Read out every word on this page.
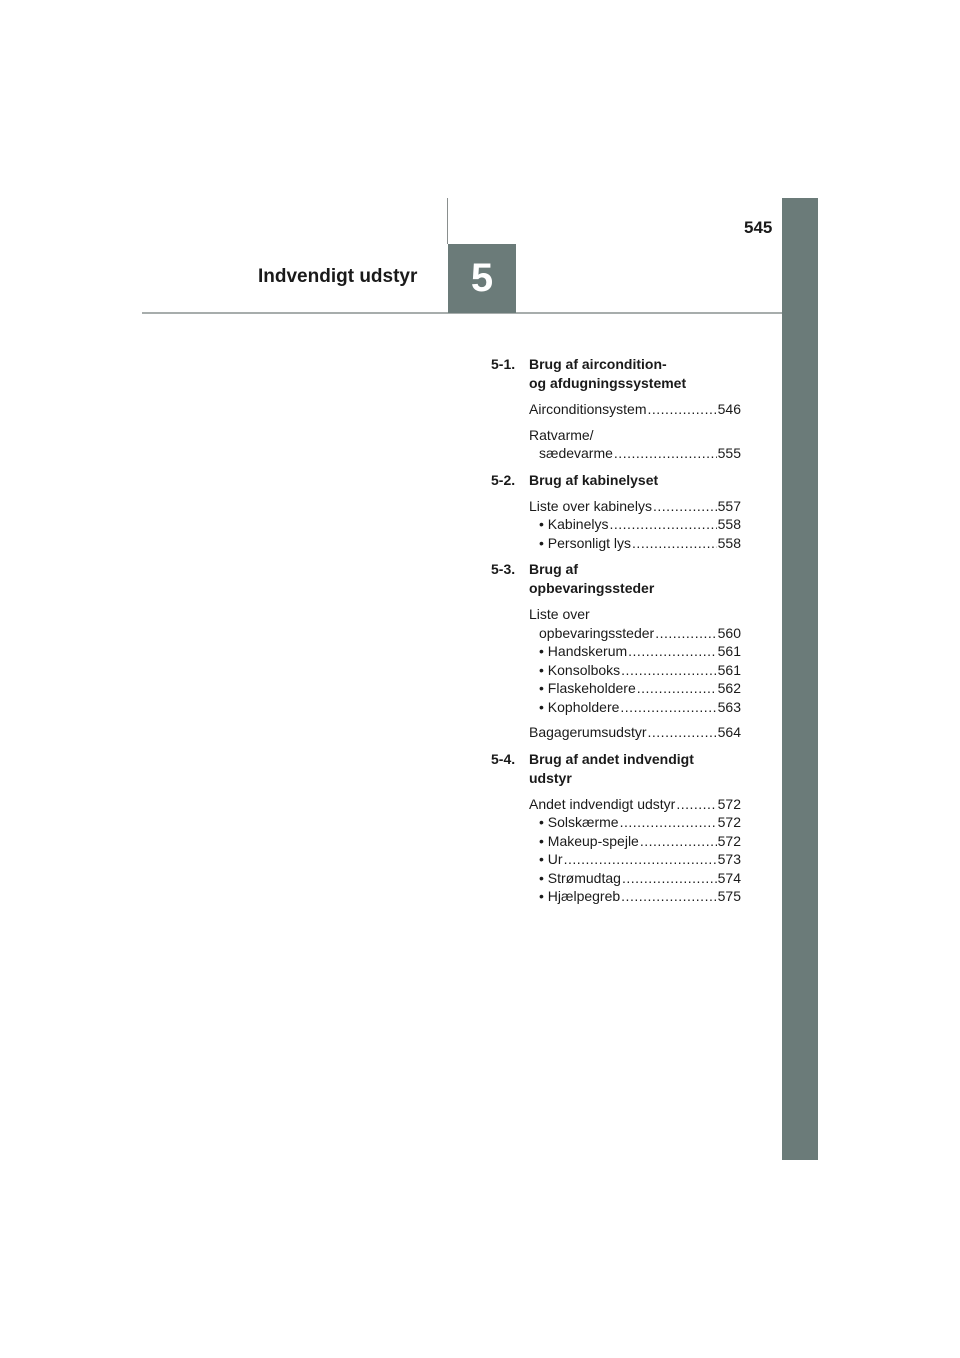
5
Indvendigt udstyr
545
5-1. Brug af aircondition-
og afdugningssystemet
Airconditionsystem .....	546
Ratvarme/
sædevarme .....	555
5-2. Brug af kabinelyset
Liste over kabinelys .....	557
• Kabinelys .....	558
• Personligt lys .....	558
5-3. Brug af
opbevaringssteder
Liste over
opbevaringssteder .....	560
• Handskerum .....	561
• Konsolboks .....	561
• Flaskeholdere .....	562
• Kopholdere .....	563
Bagagerumsudstyr .....	564
5-4. Brug af andet indvendigt
udstyr
Andet indvendigt udstyr .....	572
• Solskærme .....	572
• Makeup-spejle .....	572
• Ur .....	573
• Strømudtag .....	574
• Hjælpegreb .....	575
